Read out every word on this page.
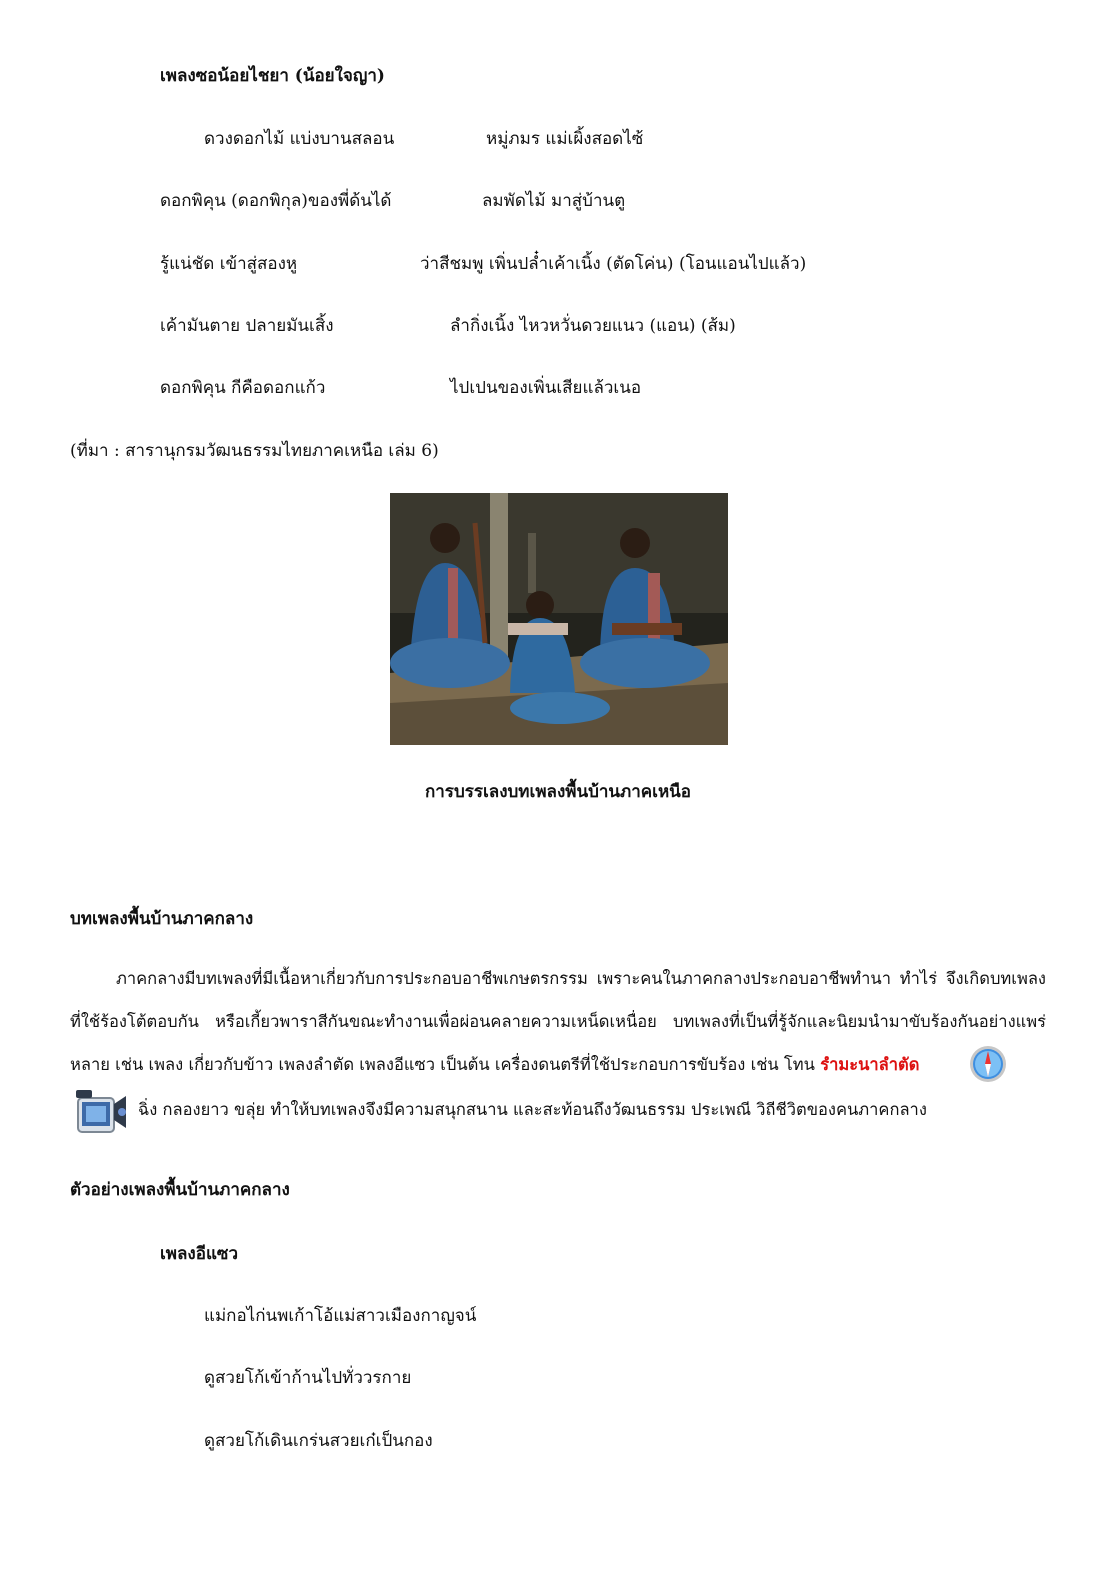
เพลงซอน้อยไชยา (น้อยใจญา)
ดวงดอกไม้ แบ่งบานสลอน	หมู่ภมร แม่เผิ้งสอดไซ้
ดอกพิคุน (ดอกพิกุล)ของพี่ด้นได้	ลมพัดไม้ มาสู่บ้านตู
รู้แน่ชัด เข้าสู่สองหู	ว่าสีชมพู เพิ่นปล๋ำเค้าเนิ้ง (ตัดโค่น) (โอนแอนไปแล้ว)
เค้ามันตาย ปลายมันเสิ้ง	ลำกิ่งเนิ้ง ไหวหวั่นดวยแนว (แอน) (ส้ม)
ดอกพิคุน กีคือดอกแก้ว	ไปเปนของเพิ่นเสียแล้วเนอ
(ที่มา : สารานุกรมวัฒนธรรมไทยภาคเหนือ เล่ม 6)
การบรรเลงบทเพลงพื้นบ้านภาคเหนือ
บทเพลงพื้นบ้านภาคกลาง
ภาคกลางมีบทเพลงที่มีเนื้อหาเกี่ยวกับการประกอบอาชีพเกษตรกรรม เพราะคนในภาคกลางประกอบอาชีพทำนา ทำไร่ จึงเกิดบทเพลงที่ใช้ร้องโต้ตอบกัน หรือเกี้ยวพาราสีกันขณะทำงานเพื่อผ่อนคลายความเหน็ดเหนื่อย บทเพลงที่เป็นที่รู้จักและนิยมนำมาขับร้องกันอย่างแพร่หลาย เช่น เพลง เกี่ยวกับข้าว เพลงลำตัด เพลงอีแซว เป็นต้น เครื่องดนตรีที่ใช้ประกอบการขับร้อง เช่น โทน รำมะนาลำตัด
ฉิ่ง กลองยาว ขลุ่ย ทำให้บทเพลงจึงมีความสนุกสนาน และสะท้อนถึงวัฒนธรรม ประเพณี วิถีชีวิตของคนภาคกลาง
ตัวอย่างเพลงพื้นบ้านภาคกลาง
เพลงอีแซว
แม่กอไก่นพเก้าโอ้แม่สาวเมืองกาญจน์
ดูสวยโก้เข้าก้านไปทั่ววรกาย
ดูสวยโก้เดินเกร่นสวยเก๋เป็นกอง
